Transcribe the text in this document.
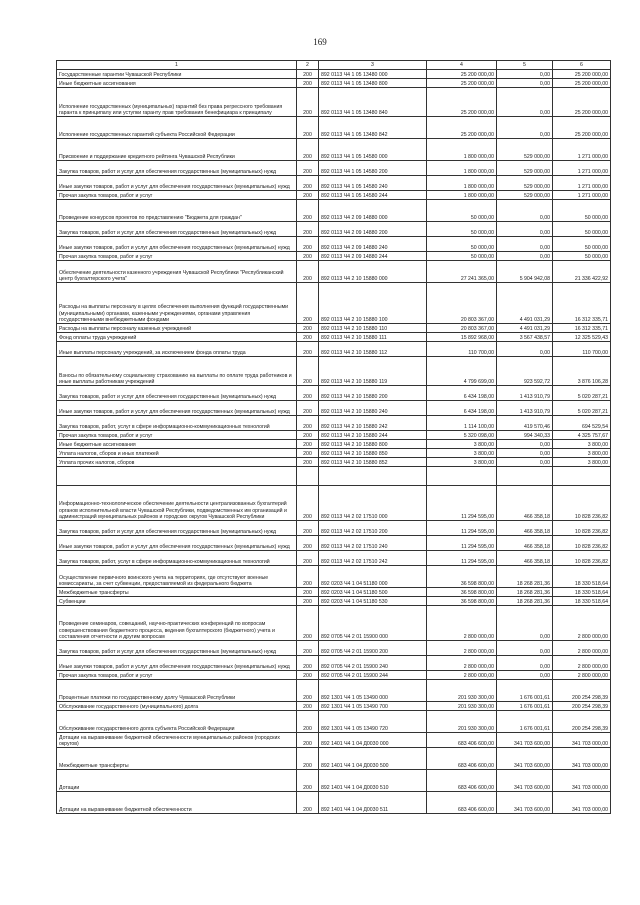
169
1	2	3	4	5	6
Государственные гарантии Чувашской Республики	200	892 0113 Ч4 1 05 13480 000	25 200 000,00	0,00	25 200 000,00
Иные бюджетные ассигнования	200	892 0113 Ч4 1 05 13480 800	25 200 000,00	0,00	25 200 000,00
Исполнение государственных (муниципальных) гарантий без права регрессного требования гаранта к принципалу или уступки гаранту прав требования бенефициара к принципалу	200	892 0113 Ч4 1 05 13480 840	25 200 000,00	0,00	25 200 000,00
Исполнение государственных гарантий субъекта Российской Федерации	200	892 0113 Ч4 1 05 13480 842	25 200 000,00	0,00	25 200 000,00
Присвоение и поддержание кредитного рейтинга Чувашской Республики	200	892 0113 Ч4 1 05 14580 000	1 800 000,00	529 000,00	1 271 000,00
Закупка товаров, работ и услуг для обеспечения государственных (муниципальных) нужд	200	892 0113 Ч4 1 05 14580 200	1 800 000,00	529 000,00	1 271 000,00
Иные закупки товаров, работ и услуг для обеспечения государственных (муниципальных) нужд	200	892 0113 Ч4 1 05 14580 240	1 800 000,00	529 000,00	1 271 000,00
Прочая закупка товаров, работ и услуг	200	892 0113 Ч4 1 05 14580 244	1 800 000,00	529 000,00	1 271 000,00
Проведение конкурсов проектов по представлению "Бюджета для граждан"	200	892 0113 Ч4 2 09 14880 000	50 000,00	0,00	50 000,00
Закупка товаров, работ и услуг для обеспечения государственных (муниципальных) нужд	200	892 0113 Ч4 2 09 14880 200	50 000,00	0,00	50 000,00
Иные закупки товаров, работ и услуг для обеспечения государственных (муниципальных) нужд	200	892 0113 Ч4 2 09 14880 240	50 000,00	0,00	50 000,00
Прочая закупка товаров, работ и услуг	200	892 0113 Ч4 2 09 14880 244	50 000,00	0,00	50 000,00
Обеспечение деятельности казенного учреждения Чувашской Республики "Республиканский центр бухгалтерского учета"	200	892 0113 Ч4 2 10 15880 000	27 241 365,00	5 904 942,08	21 336 422,92
Расходы на выплаты персоналу в целях обеспечения выполнения функций государственными (муниципальными) органами, казенными учреждениями, органами управления государственными внебюджетными фондами	200	892 0113 Ч4 2 10 15880 100	20 803 367,00	4 491 031,29	16 312 335,71
Расходы на выплаты персоналу казенных учреждений	200	892 0113 Ч4 2 10 15880 110	20 803 367,00	4 491 031,29	16 312 335,71
Фонд оплаты труда учреждений	200	892 0113 Ч4 2 10 15880 111	15 892 968,00	3 567 438,57	12 325 529,43
Иные выплаты персоналу учреждений, за исключением фонда оплаты труда	200	892 0113 Ч4 2 10 15880 112	110 700,00	0,00	110 700,00
Взносы по обязательному социальному страхованию на выплаты по оплате труда работников и иные выплаты работникам учреждений	200	892 0113 Ч4 2 10 15880 119	4 799 699,00	923 592,72	3 876 106,28
Закупка товаров, работ и услуг для обеспечения государственных (муниципальных) нужд	200	892 0113 Ч4 2 10 15880 200	6 434 198,00	1 413 910,79	5 020 287,21
Иные закупки товаров, работ и услуг для обеспечения государственных (муниципальных) нужд	200	892 0113 Ч4 2 10 15880 240	6 434 198,00	1 413 910,79	5 020 287,21
Закупка товаров, работ, услуг в сфере информационно-коммуникационных технологий	200	892 0113 Ч4 2 10 15880 242	1 114 100,00	419 570,46	694 529,54
Прочая закупка товаров, работ и услуг	200	892 0113 Ч4 2 10 15880 244	5 320 098,00	994 340,33	4 325 757,67
Иные бюджетные ассигнования	200	892 0113 Ч4 2 10 15880 800	3 800,00	0,00	3 800,00
Уплата налогов, сборов и иных платежей	200	892 0113 Ч4 2 10 15880 850	3 800,00	0,00	3 800,00
Уплата прочих налогов, сборов	200	892 0113 Ч4 2 10 15880 852	3 800,00	0,00	3 800,00

Информационно-технологическое обеспечение деятельности централизованных бухгалтерий органов исполнительной власти Чувашской Республики, подведомственных им организаций и администраций муниципальных районов и городских округов Чувашской Республики	200	892 0113 Ч4 2 02 17510 000	11 294 595,00	466 358,18	10 828 236,82
Закупка товаров, работ и услуг для обеспечения государственных (муниципальных) нужд	200	892 0113 Ч4 2 02 17510 200	11 294 595,00	466 358,18	10 828 236,82
Иные закупки товаров, работ и услуг для обеспечения государственных (муниципальных) нужд	200	892 0113 Ч4 2 02 17510 240	11 294 595,00	466 358,18	10 828 236,82
Закупка товаров, работ, услуг в сфере информационно-коммуникационных технологий	200	892 0113 Ч4 2 02 17510 242	11 294 595,00	466 358,18	10 828 236,82
Осуществление первичного воинского учета на территориях, где отсутствуют военные комиссариаты, за счет субвенции, предоставляемой из федерального бюджета	200	892 0203 Ч4 1 04 51180 000	36 598 800,00	18 268 281,36	18 330 518,64
Межбюджетные трансферты	200	892 0203 Ч4 1 04 51180 500	36 598 800,00	18 268 281,36	18 330 518,64
Субвенции	200	892 0203 Ч4 1 04 51180 530	36 598 800,00	18 268 281,36	18 330 518,64
Проведение семинаров, совещаний, научно-практических конференций по вопросам совершенствования бюджетного процесса, ведения бухгалтерского (бюджетного) учета и составления отчетности и другим вопросам	200	892 0705 Ч4 2 01 15900 000	2 800 000,00	0,00	2 800 000,00
Закупка товаров, работ и услуг для обеспечения государственных (муниципальных) нужд	200	892 0705 Ч4 2 01 15900 200	2 800 000,00	0,00	2 800 000,00
Иные закупки товаров, работ и услуг для обеспечения государственных (муниципальных) нужд	200	892 0705 Ч4 2 01 15900 240	2 800 000,00	0,00	2 800 000,00
Прочая закупка товаров, работ и услуг	200	892 0705 Ч4 2 01 15900 244	2 800 000,00	0,00	2 800 000,00
Процентные платежи по государственному долгу Чувашской Республики	200	892 1301 Ч4 1 05 13490 000	201 930 300,00	1 676 001,61	200 254 298,39
Обслуживание государственного (муниципального) долга	200	892 1301 Ч4 1 05 13490 700	201 930 300,00	1 676 001,61	200 254 298,39
Обслуживание государственного долга субъекта Российской Федерации	200	892 1301 Ч4 1 05 13490 720	201 930 300,00	1 676 001,61	200 254 298,39
Дотации на выравнивание бюджетной обеспеченности муниципальных районов (городских округов)	200	892 1401 Ч4 1 04 Д0030 000	683 406 600,00	341 703 600,00	341 703 000,00
Межбюджетные трансферты	200	892 1401 Ч4 1 04 Д0030 500	683 406 600,00	341 703 600,00	341 703 000,00
Дотации	200	892 1401 Ч4 1 04 Д0030 510	683 406 600,00	341 703 600,00	341 703 000,00
Дотации на выравнивание бюджетной обеспеченности	200	892 1401 Ч4 1 04 Д0030 511	683 406 600,00	341 703 600,00	341 703 000,00
